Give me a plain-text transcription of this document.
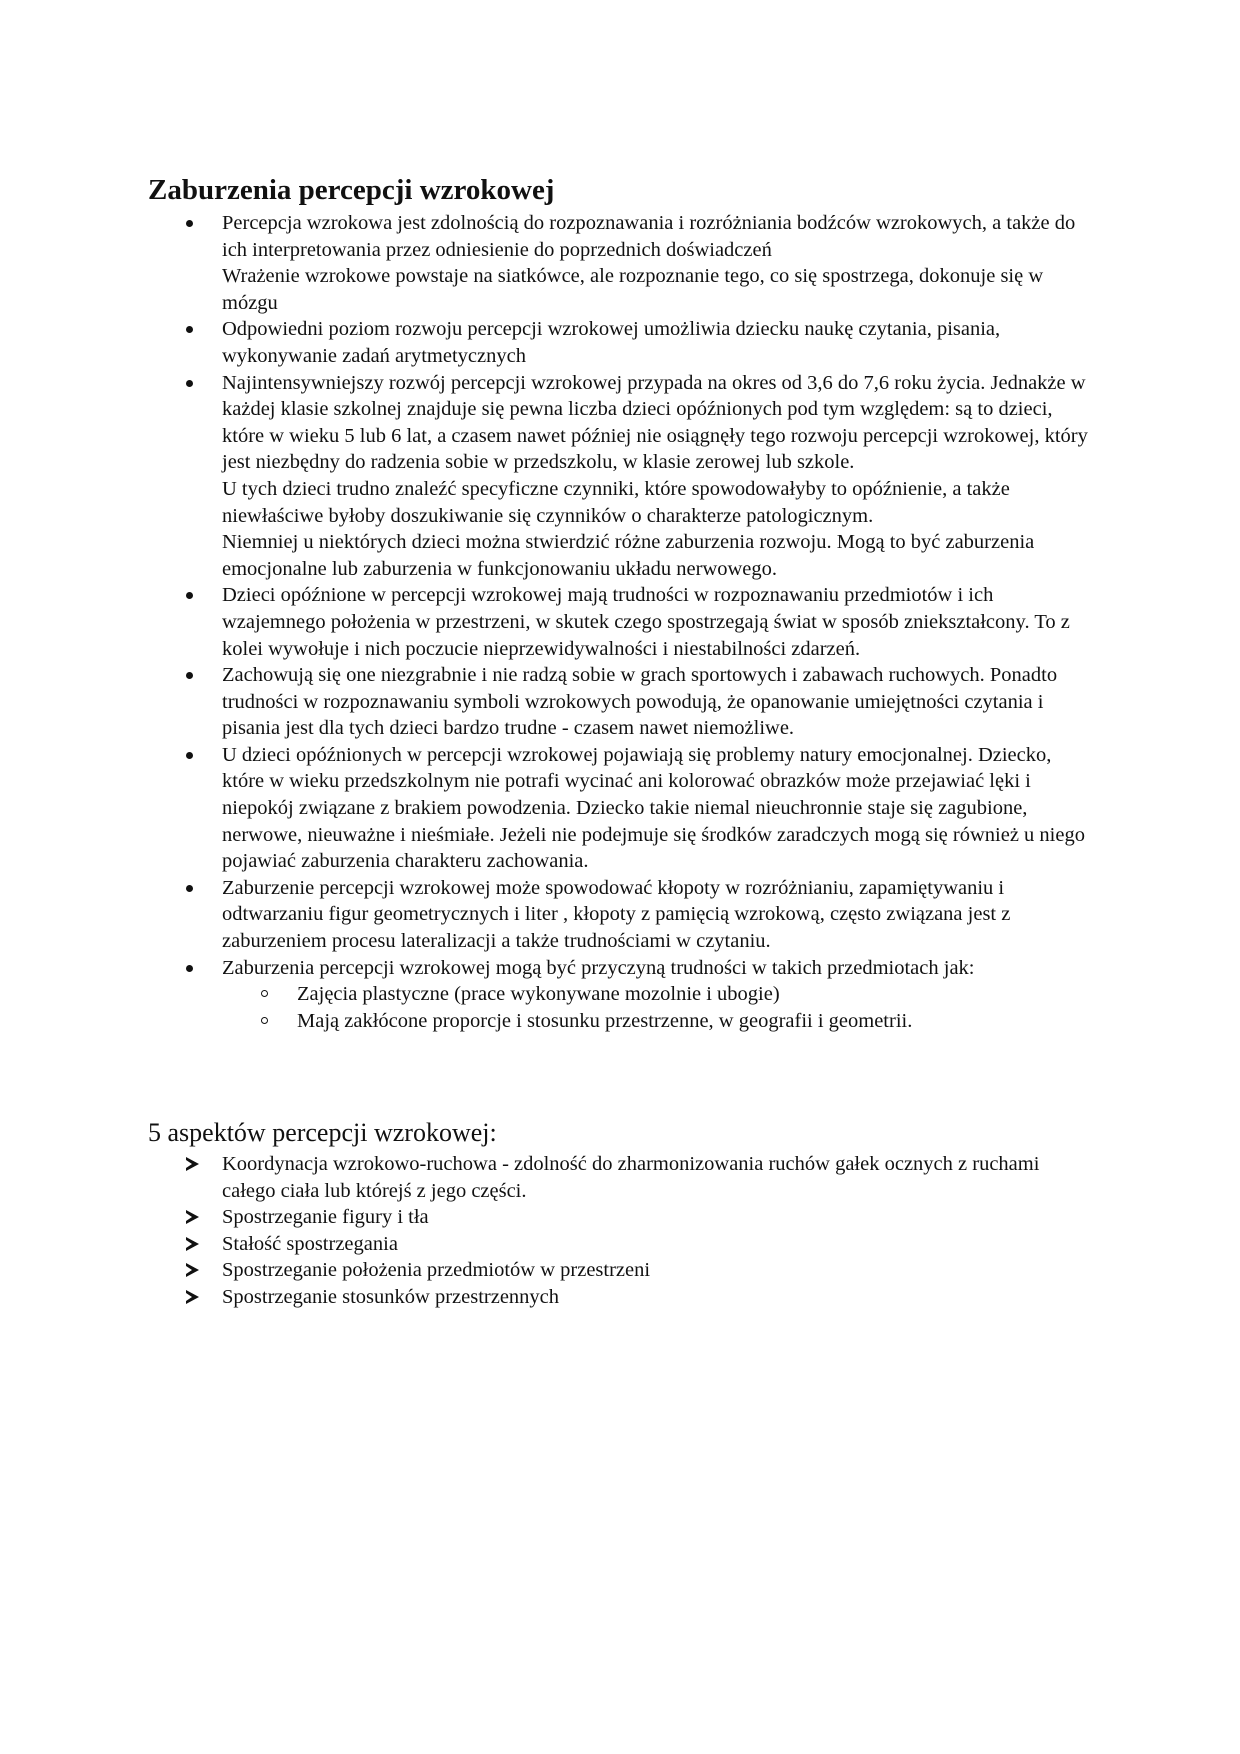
Zaburzenia percepcji wzrokowej
Percepcja wzrokowa jest zdolnością do rozpoznawania i rozróżniania bodźców wzrokowych, a także do ich interpretowania przez odniesienie do poprzednich doświadczeń
Wrażenie wzrokowe powstaje na siatkówce, ale rozpoznanie tego, co się spostrzega, dokonuje się w mózgu
Odpowiedni poziom rozwoju percepcji wzrokowej umożliwia dziecku naukę czytania, pisania, wykonywanie zadań arytmetycznych
Najintensywniejszy rozwój percepcji wzrokowej przypada na okres od 3,6 do 7,6 roku życia. Jednakże w każdej klasie szkolnej znajduje się pewna liczba dzieci opóźnionych pod tym względem: są to dzieci, które w wieku 5 lub 6 lat, a czasem nawet później nie osiągnęły tego rozwoju percepcji wzrokowej, który jest niezbędny do radzenia sobie w przedszkolu, w klasie zerowej lub szkole.
U tych dzieci trudno znaleźć specyficzne czynniki, które spowodowałyby to opóźnienie, a także niewłaściwe byłoby doszukiwanie się czynników o charakterze patologicznym.
Niemniej u niektórych dzieci można stwierdzić różne zaburzenia rozwoju. Mogą to być zaburzenia emocjonalne lub zaburzenia w funkcjonowaniu układu nerwowego.
Dzieci opóźnione w percepcji wzrokowej mają trudności w rozpoznawaniu przedmiotów i ich wzajemnego położenia w przestrzeni, w skutek czego spostrzegają świat w sposób zniekształcony. To z kolei wywołuje i nich poczucie nieprzewidywalności i niestabilności zdarzeń.
Zachowują się one niezgrabnie i nie radzą sobie w grach sportowych i zabawach ruchowych. Ponadto trudności w rozpoznawaniu symboli wzrokowych powodują, że opanowanie umiejętności czytania i pisania jest dla tych dzieci bardzo trudne - czasem nawet niemożliwe.
U dzieci opóźnionych w percepcji wzrokowej pojawiają się problemy natury emocjonalnej. Dziecko, które w wieku przedszkolnym nie potrafi wycinać ani kolorować obrazków może przejawiać lęki i niepokój związane z brakiem powodzenia. Dziecko takie niemal nieuchronnie staje się zagubione, nerwowe, nieuważne i nieśmiałe. Jeżeli nie podejmuje się środków zaradczych mogą się również u niego pojawiać zaburzenia charakteru zachowania.
Zaburzenie percepcji wzrokowej może spowodować kłopoty w rozróżnianiu, zapamiętywaniu i odtwarzaniu figur geometrycznych i liter , kłopoty z pamięcią wzrokową, często związana jest z zaburzeniem procesu lateralizacji a także trudnościami w czytaniu.
Zaburzenia percepcji wzrokowej mogą być przyczyną trudności w takich przedmiotach jak:
Zajęcia plastyczne (prace wykonywane mozolnie i ubogie)
Mają zakłócone proporcje i stosunku przestrzenne, w geografii i geometrii.
5 aspektów percepcji wzrokowej:
Koordynacja wzrokowo-ruchowa - zdolność do zharmonizowania ruchów gałek ocznych z ruchami całego ciała lub którejś z jego części.
Spostrzeganie figury i tła
Stałość spostrzegania
Spostrzeganie położenia przedmiotów w przestrzeni
Spostrzeganie stosunków przestrzennych
